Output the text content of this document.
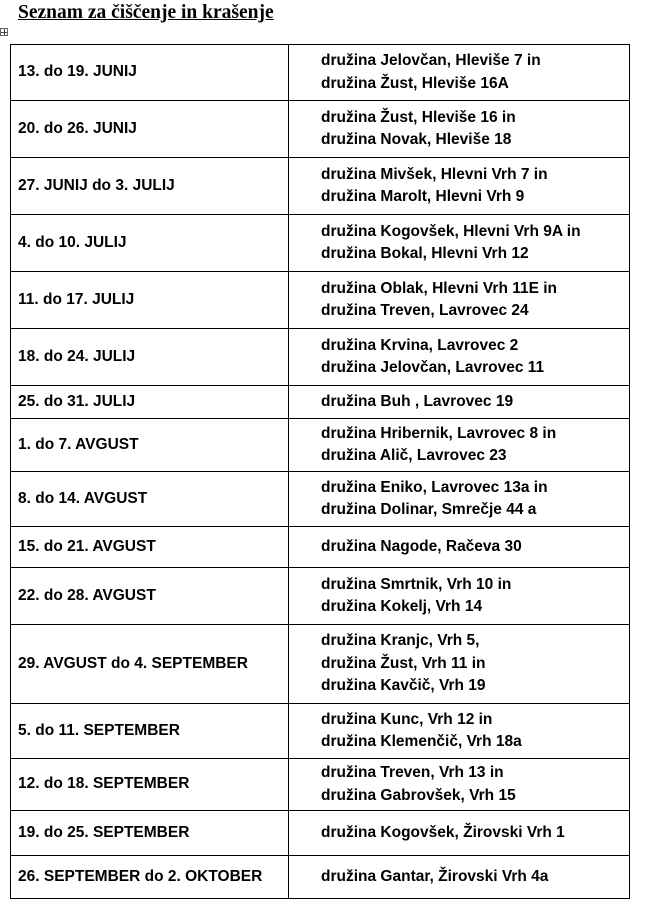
Seznam za čiščenje in krašenje
13. do 19. JUNIJ	družina Jelovčan, Hleviše 7 in
družina Žust, Hleviše 16A

20. do 26. JUNIJ	družina Žust, Hleviše 16 in
družina Novak, Hleviše 18

27. JUNIJ do 3. JULIJ	družina Mivšek, Hlevni Vrh 7 in
družina Marolt, Hlevni Vrh 9

4. do 10. JULIJ	družina Kogovšek, Hlevni Vrh 9A in
družina Bokal, Hlevni Vrh 12

11. do 17. JULIJ	družina Oblak, Hlevni Vrh 11E in
družina Treven, Lavrovec 24

18. do 24. JULIJ	družina Krvina, Lavrovec 2
družina Jelovčan, Lavrovec 11

25. do 31. JULIJ	družina Buh , Lavrovec 19

1. do 7. AVGUST	družina Hribernik, Lavrovec 8 in
družina Alič, Lavrovec 23

8. do 14. AVGUST	družina Eniko, Lavrovec 13a in
družina Dolinar, Smrečje 44 a

15. do 21. AVGUST	družina Nagode, Račeva 30

22. do 28. AVGUST	družina Smrtnik, Vrh 10 in
družina Kokelj, Vrh 14

29. AVGUST do 4. SEPTEMBER	družina Kranjc, Vrh 5,
družina Žust, Vrh 11 in
družina Kavčič, Vrh 19

5. do 11. SEPTEMBER	družina Kunc, Vrh 12 in
družina Klemenčič, Vrh 18a

12. do 18. SEPTEMBER	družina Treven, Vrh 13 in
družina Gabrovšek, Vrh 15

19. do 25. SEPTEMBER	družina Kogovšek, Žirovski Vrh 1

26. SEPTEMBER do 2. OKTOBER	družina Gantar, Žirovski Vrh 4a
